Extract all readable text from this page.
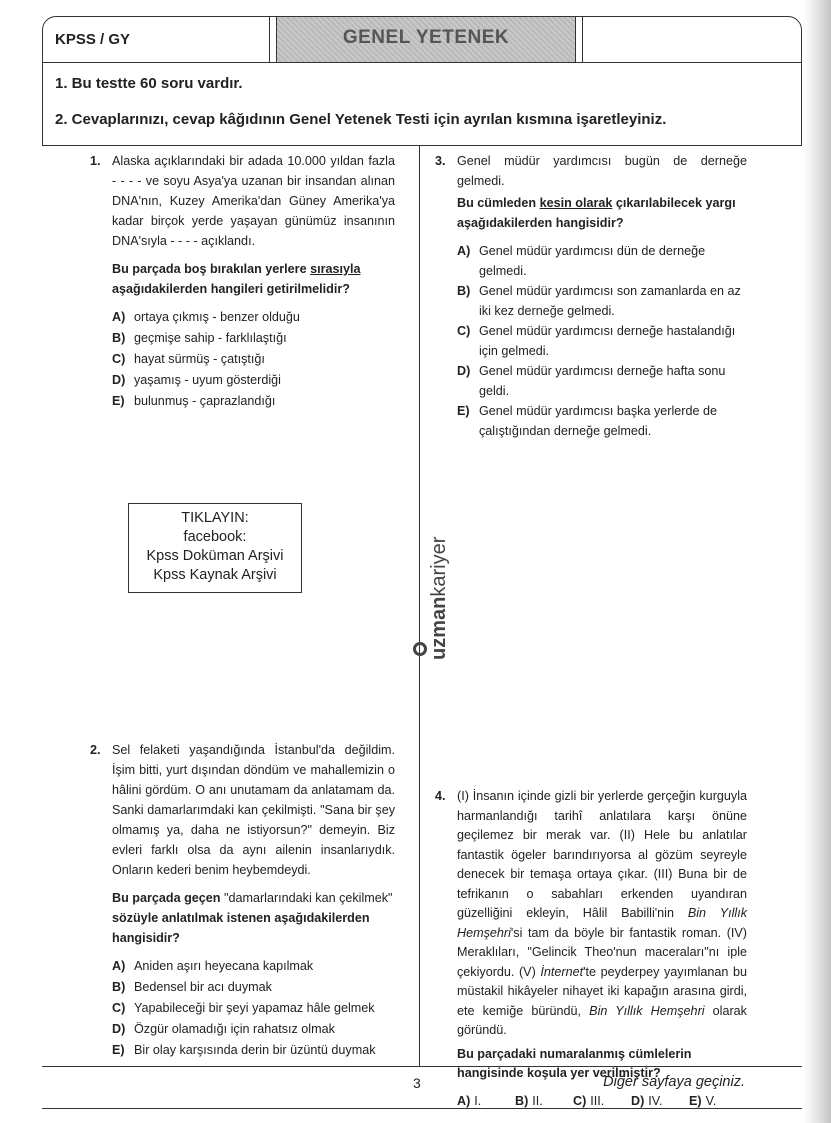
KPSS / GY	GENEL YETENEK
1. Bu testte 60 soru vardır.
2. Cevaplarınızı, cevap kâğıdının Genel Yetenek Testi için ayrılan kısmına işaretleyiniz.
1. Alaska açıklarındaki bir adada 10.000 yıldan fazla - - - - ve soyu Asya'ya uzanan bir insandan alınan DNA'nın, Kuzey Amerika'dan Güney Amerika'ya kadar birçok yerde yaşayan günümüz insanının DNA'sıyla - - - - açıklandı.

Bu parçada boş bırakılan yerlere sırasıyla aşağıdakilerden hangileri getirilmelidir?

A) ortaya çıkmış - benzer olduğu
B) geçmişe sahip - farklılaştığı
C) hayat sürmüş - çatıştığı
D) yaşamış - uyum gösterdiği
E) bulunmuş - çaprazlandığı
TIKLAYIN:
facebook:
Kpss Doküman Arşivi
Kpss Kaynak Arşivi
uzmankariyer
2. Sel felaketi yaşandığında İstanbul'da değildim. İşim bitti, yurt dışından döndüm ve mahallemizin o hâlini gördüm. O anı unutamam da anlatamam da. Sanki damarlarımdaki kan çekilmişti. "Sana bir şey olmamış ya, daha ne istiyorsun?" demeyin. Biz evleri farklı olsa da aynı ailenin insanlarıydık. Onların kederi benim heybemdeydi.

Bu parçada geçen "damarlarındaki kan çekilmek" sözüyle anlatılmak istenen aşağıdakilerden hangisidir?

A) Aniden aşırı heyecana kapılmak
B) Bedensel bir acı duymak
C) Yapabileceği bir şeyi yapamaz hâle gelmek
D) Özgür olamadığı için rahatsız olmak
E) Bir olay karşısında derin bir üzüntü duymak
3. Genel müdür yardımcısı bugün de derneğe gelmedi.

Bu cümleden kesin olarak çıkarılabilecek yargı aşağıdakilerden hangisidir?

A) Genel müdür yardımcısı dün de derneğe gelmedi.
B) Genel müdür yardımcısı son zamanlarda en az iki kez derneğe gelmedi.
C) Genel müdür yardımcısı derneğe hastalandığı için gelmedi.
D) Genel müdür yardımcısı derneğe hafta sonu geldi.
E) Genel müdür yardımcısı başka yerlerde de çalıştığından derneğe gelmedi.
4. (I) İnsanın içinde gizli bir yerlerde gerçeğin kurguyla harmanlandığı tarihî anlatılara karşı önüne geçilemez bir merak var. (II) Hele bu anlatılar fantastik ögeler barındırıyorsa al gözüm seyreyle denecek bir temaşa ortaya çıkar. (III) Buna bir de tefrikanın o sabahları erkenden uyandıran güzelliğini ekleyin, Hâlil Babilli'nin Bin Yıllık Hemşehri'si tam da böyle bir fantastik roman. (IV) Meraklıları, "Gelincik Theo'nun maceraları"nı iple çekiyordu. (V) İnternet'te peyderpey yayımlanan bu müstakil hikâyeler nihayet iki kapağın arasına girdi, ete kemiğe büründü, Bin Yıllık Hemşehri olarak göründü.

Bu parçadaki numaralanmış cümlelerin hangisinde koşula yer verilmiştir?

A) I.	B) II.	C) III.	D) IV.	E) V.
3	Diğer sayfaya geçiniz.
